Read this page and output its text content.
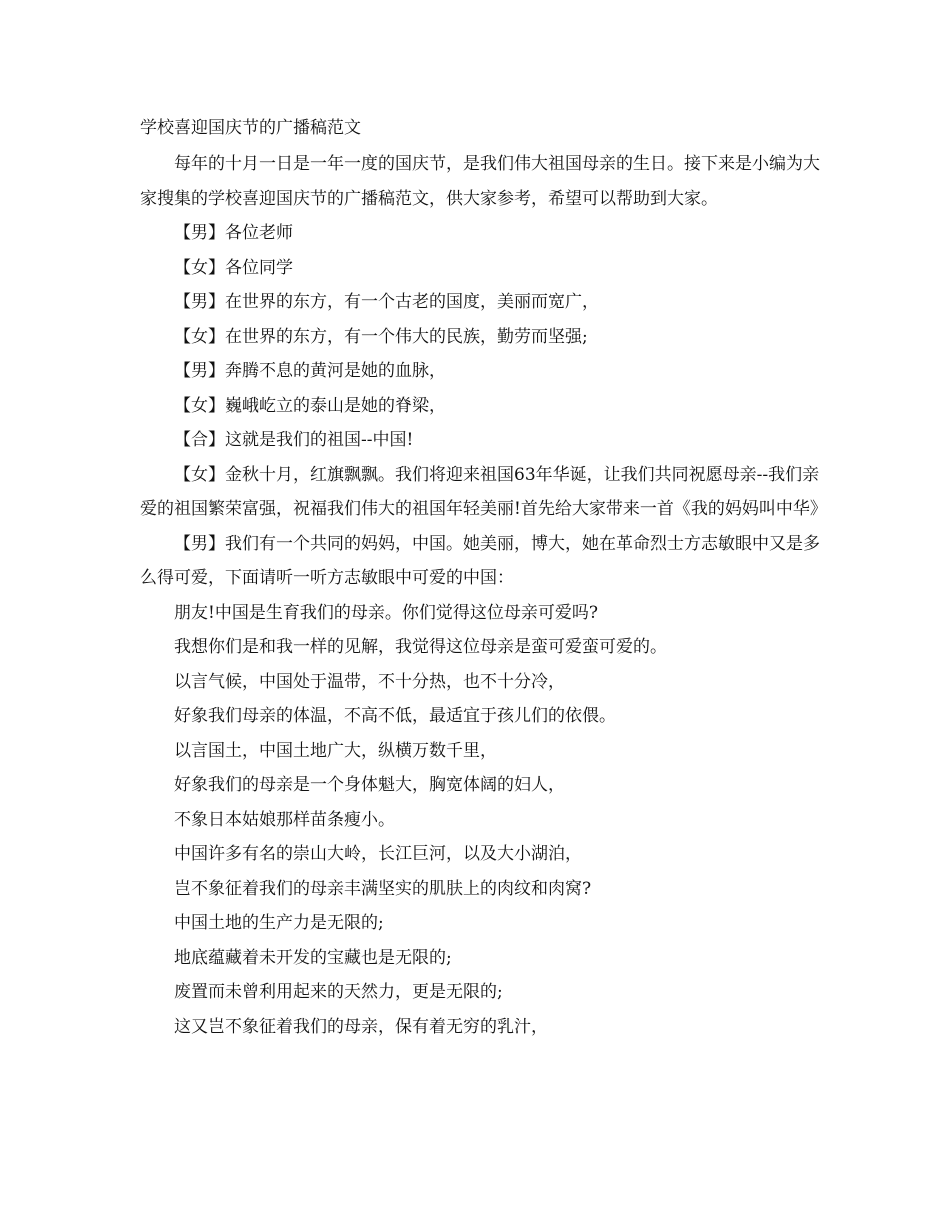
学校喜迎国庆节的广播稿范文

每年的十月一日是一年一度的国庆节，是我们伟大祖国母亲的生日。接下来是小编为大家搜集的学校喜迎国庆节的广播稿范文，供大家参考，希望可以帮助到大家。

【男】各位老师

【女】各位同学

【男】在世界的东方，有一个古老的国度，美丽而宽广，

【女】在世界的东方，有一个伟大的民族，勤劳而坚强;

【男】奔腾不息的黄河是她的血脉，

【女】巍峨屹立的泰山是她的脊梁，

【合】这就是我们的祖国--中国!

【女】金秋十月，红旗飘飘。我们将迎来祖国63年华诞，让我们共同祝愿母亲--我们亲爱的祖国繁荣富强，祝福我们伟大的祖国年轻美丽!首先给大家带来一首《我的妈妈叫中华》

【男】我们有一个共同的妈妈，中国。她美丽，博大，她在革命烈士方志敏眼中又是多么得可爱，下面请听一听方志敏眼中可爱的中国：

朋友!中国是生育我们的母亲。你们觉得这位母亲可爱吗?
我想你们是和我一样的见解，我觉得这位母亲是蛮可爱蛮可爱的。
以言气候，中国处于温带，不十分热，也不十分冷，
好象我们母亲的体温，不高不低，最适宜于孩儿们的依偎。
以言国土，中国土地广大，纵横万数千里，
好象我们的母亲是一个身体魁大，胸宽体阔的妇人，
不象日本姑娘那样苗条瘦小。
中国许多有名的崇山大岭，长江巨河，以及大小湖泊，
岂不象征着我们的母亲丰满坚实的肌肤上的肉纹和肉窝?
中国土地的生产力是无限的;
地底蕴藏着未开发的宝藏也是无限的;
废置而未曾利用起来的天然力，更是无限的;
这又岂不象征着我们的母亲，保有着无穷的乳汁，
